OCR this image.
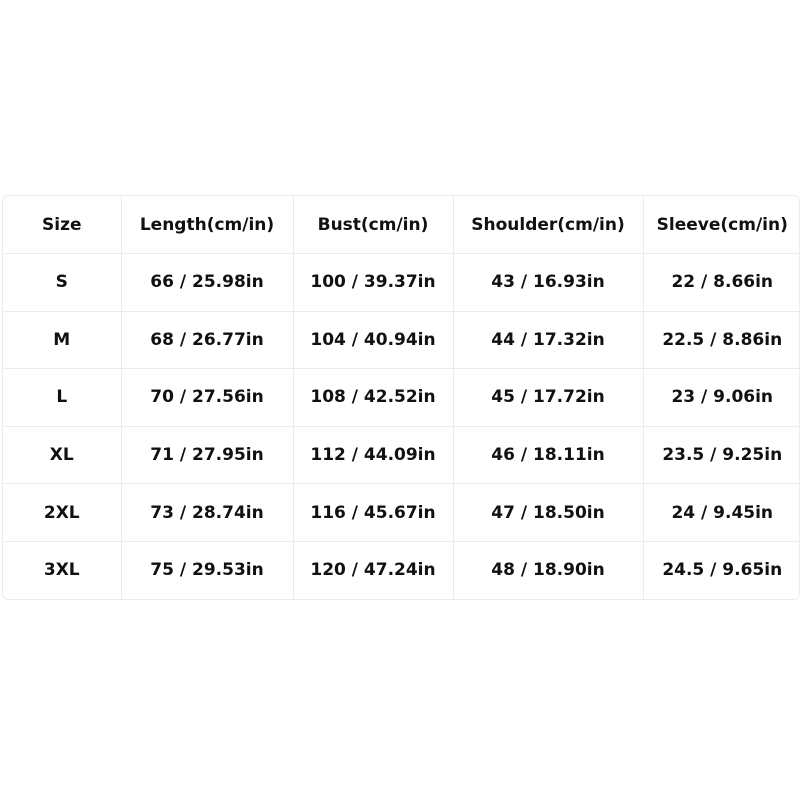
Size	Length(cm/in)	Bust(cm/in)	Shoulder(cm/in)	Sleeve(cm/in)
S	66 / 25.98in	100 / 39.37in	43 / 16.93in	22 / 8.66in
M	68 / 26.77in	104 / 40.94in	44 / 17.32in	22.5 / 8.86in
L	70 / 27.56in	108 / 42.52in	45 / 17.72in	23 / 9.06in
XL	71 / 27.95in	112 / 44.09in	46 / 18.11in	23.5 / 9.25in
2XL	73 / 28.74in	116 / 45.67in	47 / 18.50in	24 / 9.45in
3XL	75 / 29.53in	120 / 47.24in	48 / 18.90in	24.5 / 9.65in
